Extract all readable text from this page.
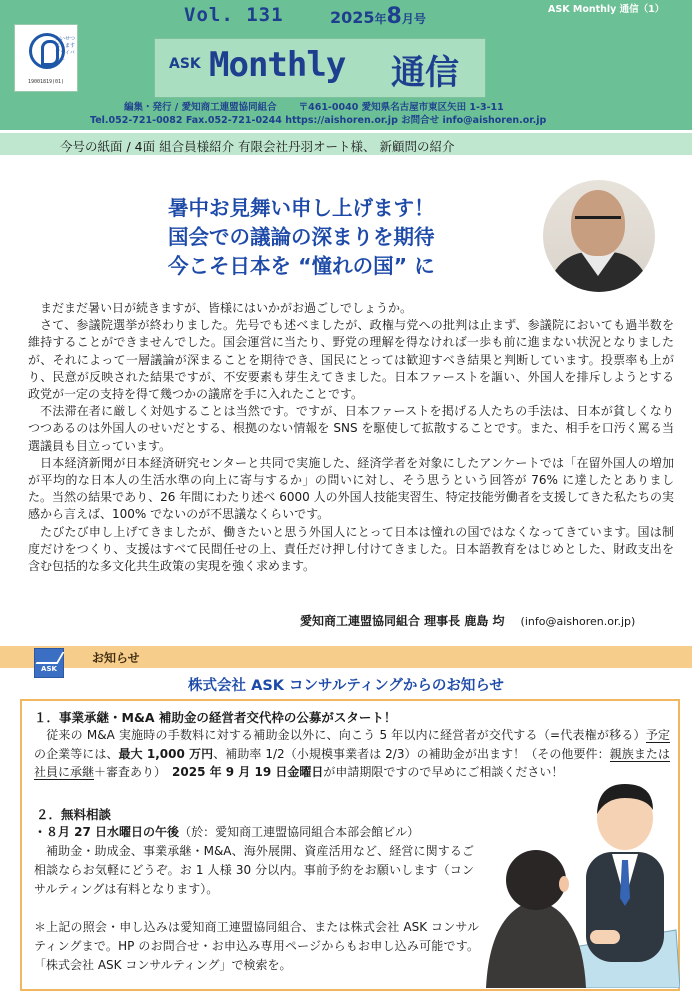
たいせつにしますプライバシー
19001819(01)
Vol. 131	2025年8月号
ASK Monthly 通信（1）
ASK Monthly 通信
編集・発行 / 愛知商工連盟協同組合 〒461-0040 愛知県名古屋市東区矢田 1-3-11
Tel.052-721-0082 Fax.052-721-0244 https://aishoren.or.jp お問合せ info@aishoren.or.jp
今号の紙面 / 4面 組合員様紹介 有限会社丹羽オート様、 新顧問の紹介
暑中お見舞い申し上げます！
国会での議論の深まりを期待
今こそ日本を “憧れの国” に

まだまだ暑い日が続きますが、皆様にはいかがお過ごしでしょうか。

さて、参議院選挙が終わりました。先号でも述べましたが、政権与党への批判は止まず、参議院においても過半数を維持することができませんでした。国会運営に当たり、野党の理解を得なければ一歩も前に進まない状況となりましたが、それによって一層議論が深まることを期待でき、国民にとっては歓迎すべき結果と判断しています。投票率も上がり、民意が反映された結果ですが、不安要素も芽生えてきました。日本ファーストを謳い、外国人を排斥しようとする政党が一定の支持を得て幾つかの議席を手に入れたことです。

不法滞在者に厳しく対処することは当然です。ですが、日本ファーストを掲げる人たちの手法は、日本が貧しくなりつつあるのは外国人のせいだとする、根拠のない情報を SNS を駆使して拡散することです。また、相手を口汚く罵る当選議員も目立っています。

日本経済新聞が日本経済研究センターと共同で実施した、経済学者を対象にしたアンケートでは「在留外国人の増加が平均的な日本人の生活水準の向上に寄与するか」の問いに対し、そう思うという回答が 76% に達したとありました。当然の結果であり、26 年間にわたり述べ 6000 人の外国人技能実習生、特定技能労働者を支援してきた私たちの実感から言えば、100% でないのが不思議なくらいです。

たびたび申し上げてきましたが、働きたいと思う外国人にとって日本は憧れの国ではなくなってきています。国は制度だけをつくり、支援はすべて民間任せの上、責任だけ押し付けてきました。日本語教育をはじめとした、財政支出を含む包括的な多文化共生政策の実現を強く求めます。

愛知商工連盟協同組合 理事長 鹿島 均 (info@aishoren.or.jp)
ASK
お知らせ
株式会社 ASK コンサルティングからのお知らせ
１．事業承継・M&A 補助金の経営者交代枠の公募がスタート！
　従来の M&A 実施時の手数料に対する補助金以外に、向こう 5 年以内に経営者が交代する（=代表権が移る）予定の企業等には、最大 1,000 万円、補助率 1/2（小規模事業者は 2/3）の補助金が出ます！（その他要件：親族または社員に承継＋審査あり）　 2025 年 9 月 19 日金曜日が申請期限ですので早めにご相談ください！
２．無料相談
・８月 27 日水曜日の午後（於：愛知商工連盟協同組合本部会館ビル）
補助金・助成金、事業承継・M&A、海外展開、資産活用など、経営に関するご相談ならお気軽にどうぞ。お 1 人様 30 分以内。事前予約をお願いします（コンサルティングは有料となります）。
＊上記の照会・申し込みは愛知商工連盟協同組合、または株式会社 ASK コンサルティングまで。HP のお問合せ・お申込み専用ページからもお申し込み可能です。「株式会社 ASK コンサルティング」で検索を。
